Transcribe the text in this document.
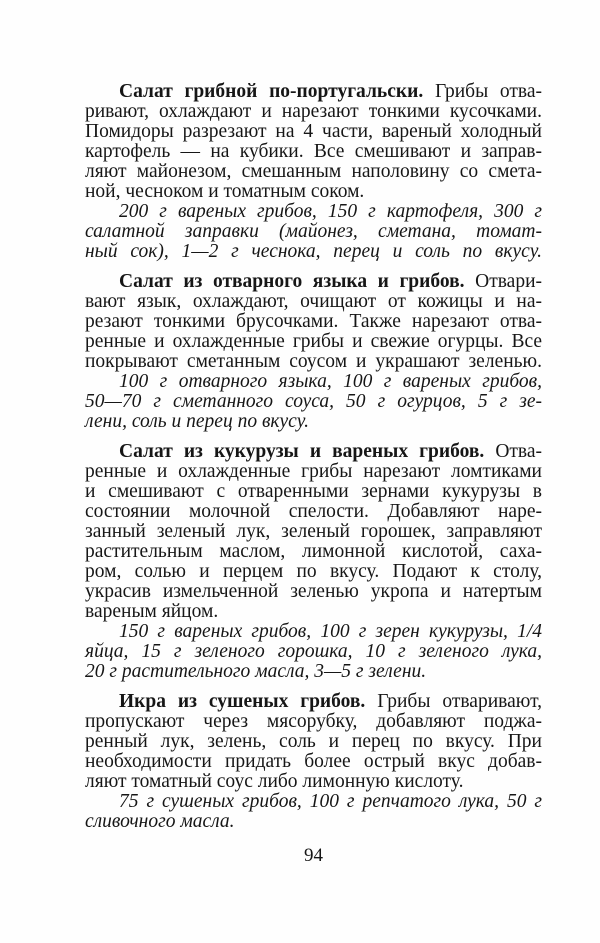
Салат грибной по-португальски. Грибы отва-
ривают, охлаждают и нарезают тонкими кусочками.
Помидоры разрезают на 4 части, вареный холодный
картофель — на кубики. Все смешивают и заправ-
ляют майонезом, смешанным наполовину со смета-
ной, чесноком и томатным соком.
200 г вареных грибов, 150 г картофеля, 300 г
салатной заправки (майонез, сметана, томат-
ный сок), 1—2 г чеснока, перец и соль по вкусу.
Салат из отварного языка и грибов. Отвари-
вают язык, охлаждают, очищают от кожицы и на-
резают тонкими брусочками. Также нарезают отва-
ренные и охлажденные грибы и свежие огурцы. Все
покрывают сметанным соусом и украшают зеленью.
100 г отварного языка, 100 г вареных грибов,
50—70 г сметанного соуса, 50 г огурцов, 5 г зе-
лени, соль и перец по вкусу.
Салат из кукурузы и вареных грибов. Отва-
ренные и охлажденные грибы нарезают ломтиками
и смешивают с отваренными зернами кукурузы в
состоянии молочной спелости. Добавляют наре-
занный зеленый лук, зеленый горошек, заправляют
растительным маслом, лимонной кислотой, саха-
ром, солью и перцем по вкусу. Подают к столу,
украсив измельченной зеленью укропа и натертым
вареным яйцом.
150 г вареных грибов, 100 г зерен кукурузы, 1/4
яйца, 15 г зеленого горошка, 10 г зеленого лука,
20 г растительного масла, 3—5 г зелени.
Икра из сушеных грибов. Грибы отваривают,
пропускают через мясорубку, добавляют поджа-
ренный лук, зелень, соль и перец по вкусу. При
необходимости придать более острый вкус добав-
ляют томатный соус либо лимонную кислоту.
75 г сушеных грибов, 100 г репчатого лука, 50 г
сливочного масла.
94
